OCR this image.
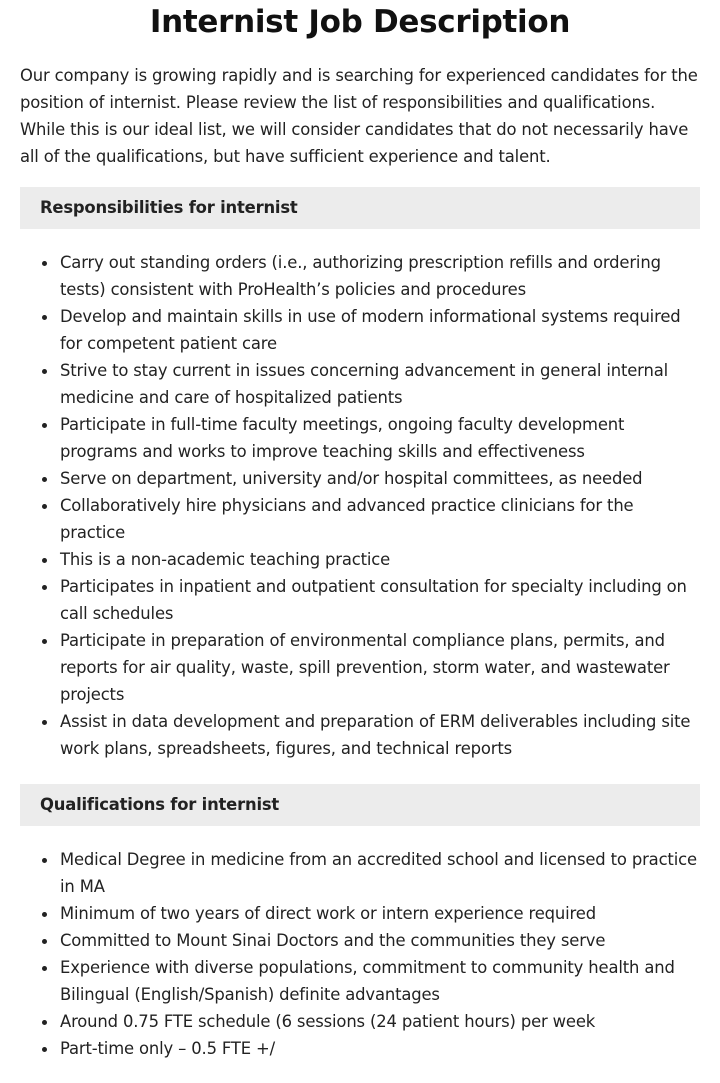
Internist Job Description

Our company is growing rapidly and is searching for experienced candidates for the position of internist. Please review the list of responsibilities and qualifications. While this is our ideal list, we will consider candidates that do not necessarily have all of the qualifications, but have sufficient experience and talent.

Responsibilities for internist
Carry out standing orders (i.e., authorizing prescription refills and ordering tests) consistent with ProHealth’s policies and procedures
Develop and maintain skills in use of modern informational systems required for competent patient care
Strive to stay current in issues concerning advancement in general internal medicine and care of hospitalized patients
Participate in full-time faculty meetings, ongoing faculty development programs and works to improve teaching skills and effectiveness
Serve on department, university and/or hospital committees, as needed
Collaboratively hire physicians and advanced practice clinicians for the practice
This is a non-academic teaching practice
Participates in inpatient and outpatient consultation for specialty including on call schedules
Participate in preparation of environmental compliance plans, permits, and reports for air quality, waste, spill prevention, storm water, and wastewater projects
Assist in data development and preparation of ERM deliverables including site work plans, spreadsheets, figures, and technical reports
Qualifications for internist
Medical Degree in medicine from an accredited school and licensed to practice in MA
Minimum of two years of direct work or intern experience required
Committed to Mount Sinai Doctors and the communities they serve
Experience with diverse populations, commitment to community health and Bilingual (English/Spanish) definite advantages
Around 0.75 FTE schedule (6 sessions (24 patient hours) per week
Part-time only – 0.5 FTE +/
